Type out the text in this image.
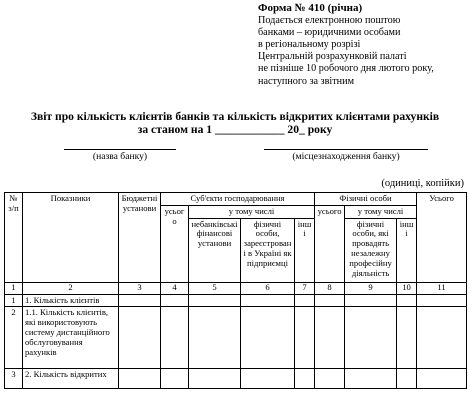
Форма № 410 (річна)
Подається електронною поштою
банками – юридичними особами
в регіональному розрізі
Центральній розрахунковій палаті
не пізніше 10 робочого дня лютого року,
наступного за звітним
Звіт про кількість клієнтів банків та кількість відкритих клієнтами рахунків
за станом на 1 ____________ 20_ року
(назва банку)	(місцезнаходження банку)
(одиниці, копійки)
№ з/п	Показники	Бюджетні установи	Суб'єкти господарювання				Фізичні особи			Усього
			усього	у тому числі			усього	у тому числі		
				небанківські фінансові установи	фізичні особи, зареєстровані в Україні як підприємці	інші		фізичні особи, які провадять незалежну професійну діяльність	інші	
1	2	3	4	5	6	7	8	9	10	11
1	1. Кількість клієнтів									
2	1.1. Кількість клієнтів, які використовують систему дистанційного обслуговування рахунків									
3	2. Кількість відкритих									
